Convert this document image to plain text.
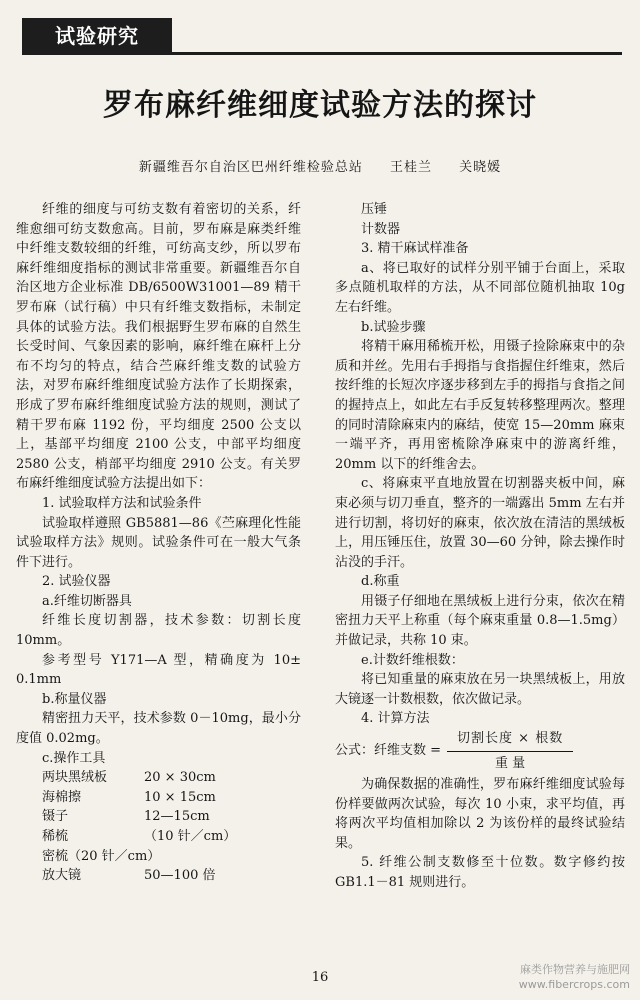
试验研究
罗布麻纤维细度试验方法的探讨
新疆维吾尔自治区巴州纤维检验总站 王桂兰 关晓媛

纤维的细度与可纺支数有着密切的关系，纤维愈细可纺支数愈高。目前，罗布麻是麻类纤维中纤维支数较细的纤维，可纺高支纱，所以罗布麻纤维细度指标的测试非常重要。新疆维吾尔自治区地方企业标准 DB/6500W31001—89 精干罗布麻（试行稿）中只有纤维支数指标，未制定具体的试验方法。我们根据野生罗布麻的自然生长受时间、气象因素的影响，麻纤维在麻杆上分布不均匀的特点，结合苎麻纤维支数的试验方法，对罗布麻纤维细度试验方法作了长期探索，形成了罗布麻纤维细度试验方法的规则，测试了精干罗布麻 1192 份，平均细度 2500 公支以上，基部平均细度 2100 公支，中部平均细度 2580 公支，梢部平均细度 2910 公支。有关罗布麻纤维细度试验方法提出如下：

1. 试验取样方法和试验条件

试验取样遵照 GB5881—86《苎麻理化性能试验取样方法》规则。试验条件可在一般大气条件下进行。

2. 试验仪器

a.纤维切断器具

纤维长度切割器，技术参数：切割长度 10mm。

参考型号 Y171—A 型，精确度为 10± 0.1mm

b.称量仪器

精密扭力天平，技术参数 0－10mg，最小分度值 0.02mg。

c.操作工具

两块黑绒板	20 × 30cm
海棉擦	10 × 15cm
镊子	12—15cm
稀梳	（10 针／cm）
密梳（20 针／cm）
放大镜	50—100 倍

压锤

计数器

3. 精干麻试样准备

a、将已取好的试样分别平铺于台面上，采取多点随机取样的方法，从不同部位随机抽取 10g 左右纤维。

b.试验步骤

将精干麻用稀梳开松，用镊子捡除麻束中的杂质和并丝。先用右手拇指与食指握住纤维束，然后按纤维的长短次序逐步移到左手的拇指与食指之间的握持点上，如此左右手反复转移整理两次。整理的同时清除麻束内的麻结，使宽 15—20mm 麻束一端平齐，再用密梳除净麻束中的游离纤维，20mm 以下的纤维舍去。

c、将麻束平直地放置在切割器夹板中间，麻束必须与切刀垂直，整齐的一端露出 5mm 左右并进行切割，将切好的麻束，依次放在清洁的黑绒板上，用压锤压住，放置 30—60 分钟，除去操作时沾没的手汗。

d.称重

用镊子仔细地在黑绒板上进行分束，依次在精密扭力天平上称重（每个麻束重量 0.8—1.5mg）并做记录，共称 10 束。

e.计数纤维根数：

将已知重量的麻束放在另一块黑绒板上，用放大镜逐一计数根数，依次做记录。

4. 计算方法

公式：纤维支数 = $\frac{\text{切割长度 × 根数}}{\text{重 量}}$

为确保数据的准确性，罗布麻纤维细度试验每份样要做两次试验，每次 10 小束，求平均值，再将两次平均值相加除以 2 为该份样的最终试验结果。

5. 纤维公制支数修至十位数。数字修约按 GB1.1－81 规则进行。

16
麻类作物营养与施肥网
www.fibercrops.com
